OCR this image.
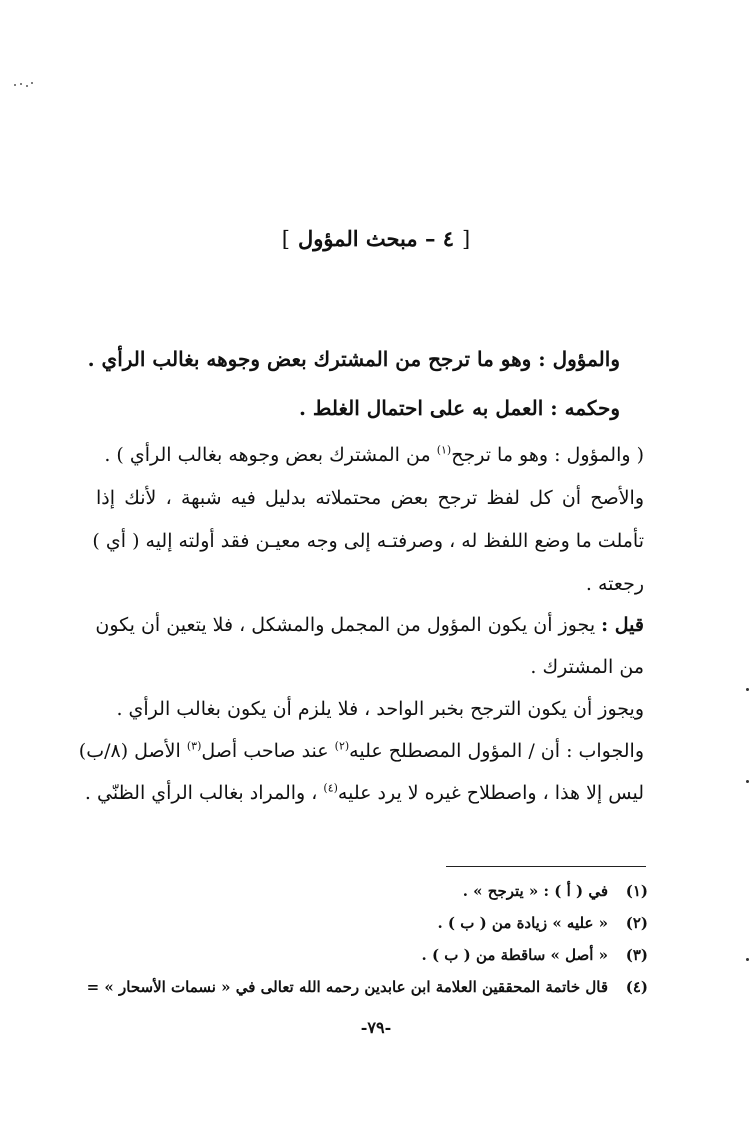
[٤ – مبحث المؤول]
والمؤول : وهو ما ترجح من المشترك بعض وجوهه بغالب الرأي .
وحكمه : العمل به على احتمال الغلط .
( والمؤول : وهو ما ترجح$^{(١)}$ من المشترك بعض وجوهه بغالب الرأي ) .
والأصح أن كل لفظ ترجح بعض محتملاته بدليل فيه شبهة ، لأنك إذا
تأملت ما وضع اللفظ له ، وصرفتـه إلى وجه معيـن فقد أولته إليه ( أي )
رجعته .
قيل : يجوز أن يكون المؤول من المجمل والمشكل ، فلا يتعين أن يكون
من المشترك .
ويجوز أن يكون الترجح بخبر الواحد ، فلا يلزم أن يكون بغالب الرأي .
والجواب : أن / المؤول المصطلح عليه$^{(٢)}$ عند صاحب أصل$^{(٣)}$ الأصل (٨/ب)
ليس إلا هذا ، واصطلاح غيره لا يرد عليه$^{(٤)}$ ، والمراد بغالب الرأي الظنّي .
(١)في ( أ ) : « يترجح » .
(٢)« عليه » زيادة من ( ب ) .
(٣)« أصل » ساقطة من ( ب ) .
(٤)قال خاتمة المحققين العلامة ابن عابدين رحمه الله تعالى في « نسمات الأسحار » =
-٧٩-
